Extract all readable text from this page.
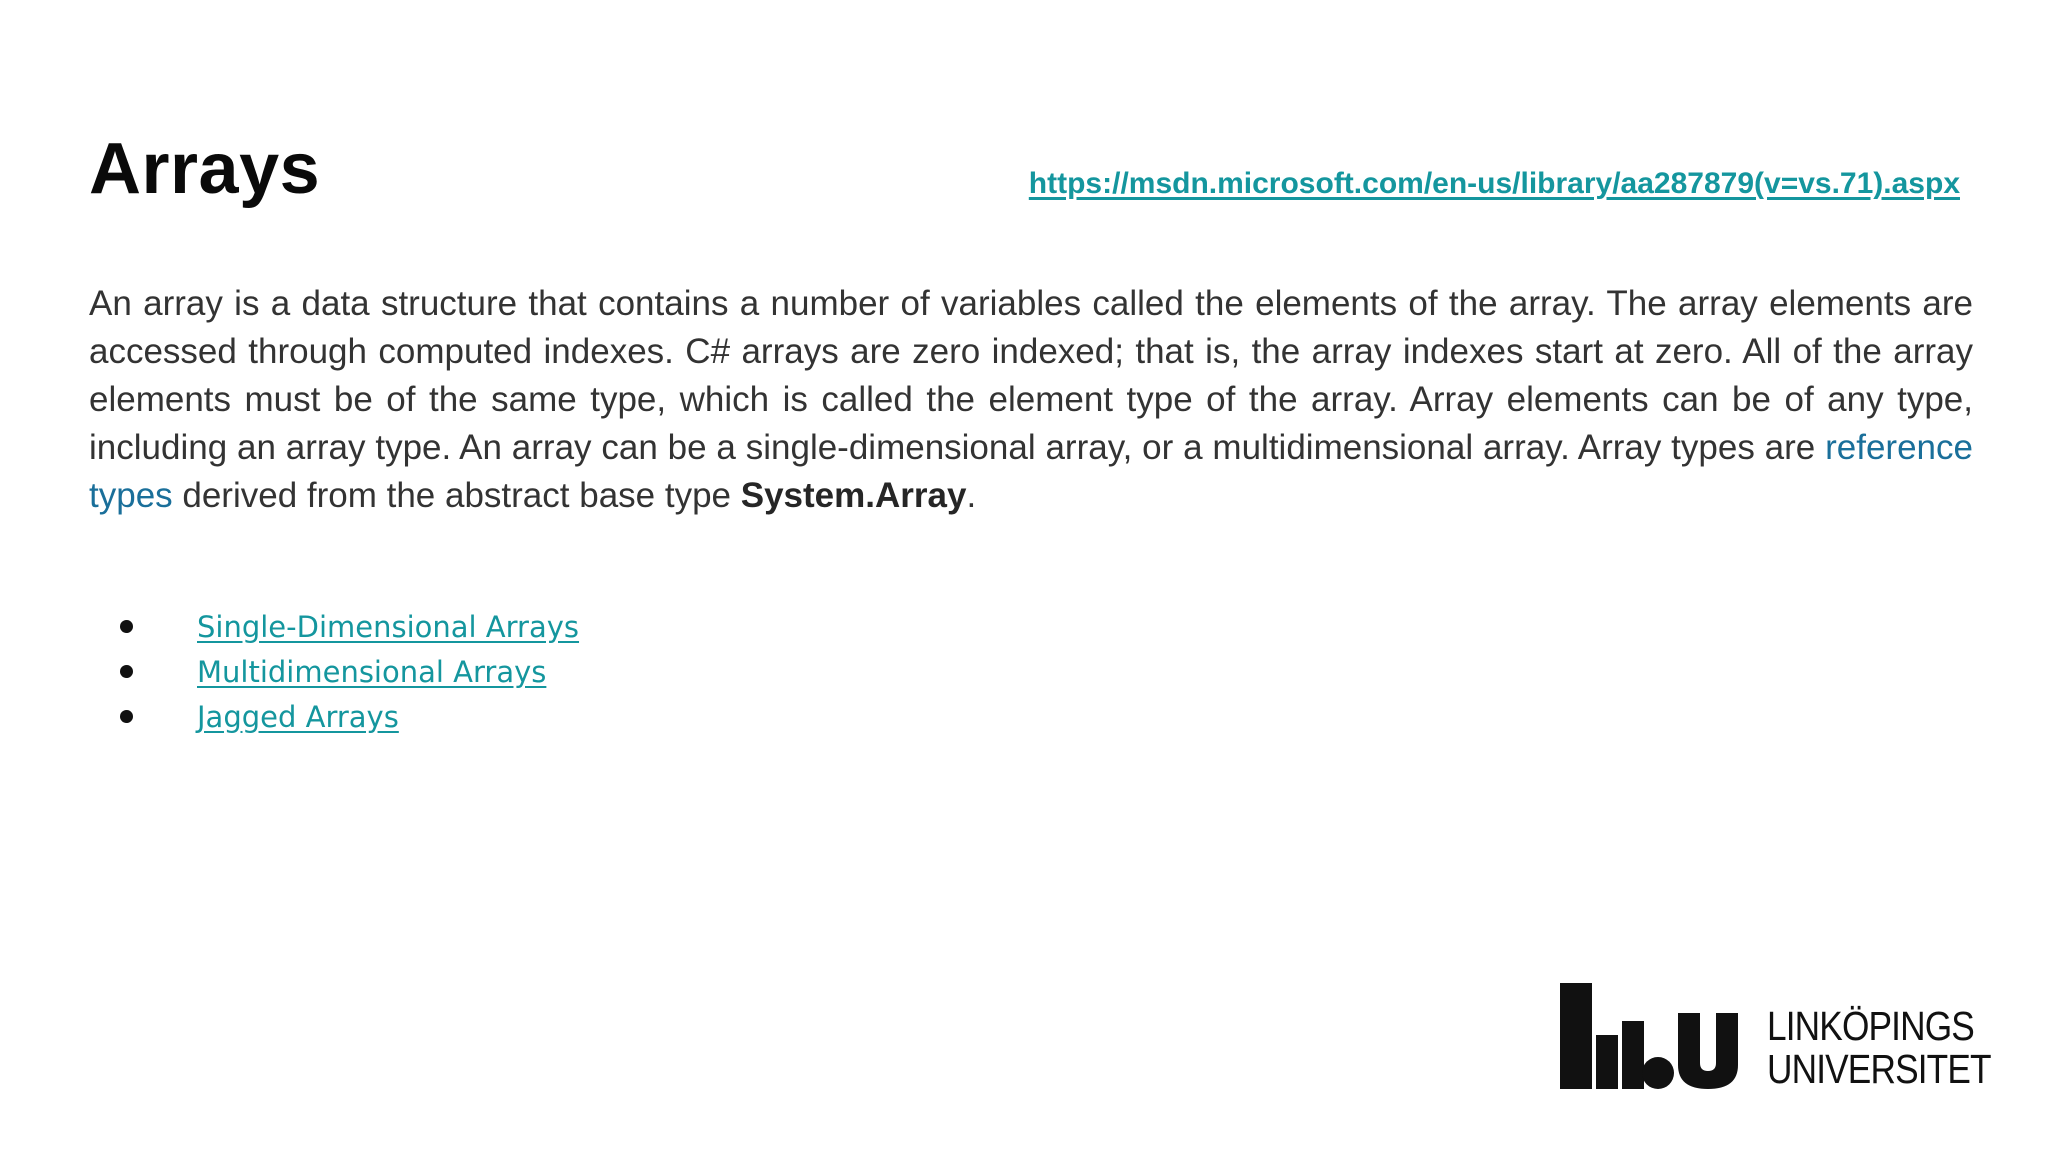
Arrays	https://msdn.microsoft.com/en-us/library/aa287879(v=vs.71).aspx

An array is a data structure that contains a number of variables called the elements of the array. The array elements are accessed through computed indexes. C# arrays are zero indexed; that is, the array indexes start at zero. All of the array elements must be of the same type, which is called the element type of the array. Array elements can be of any type, including an array type. An array can be a single-dimensional array, or a multidimensional array. Array types are reference types derived from the abstract base type System.Array.

Single-Dimensional Arrays
Multidimensional Arrays
Jagged Arrays
LINKÖPINGS
UNIVERSITET
